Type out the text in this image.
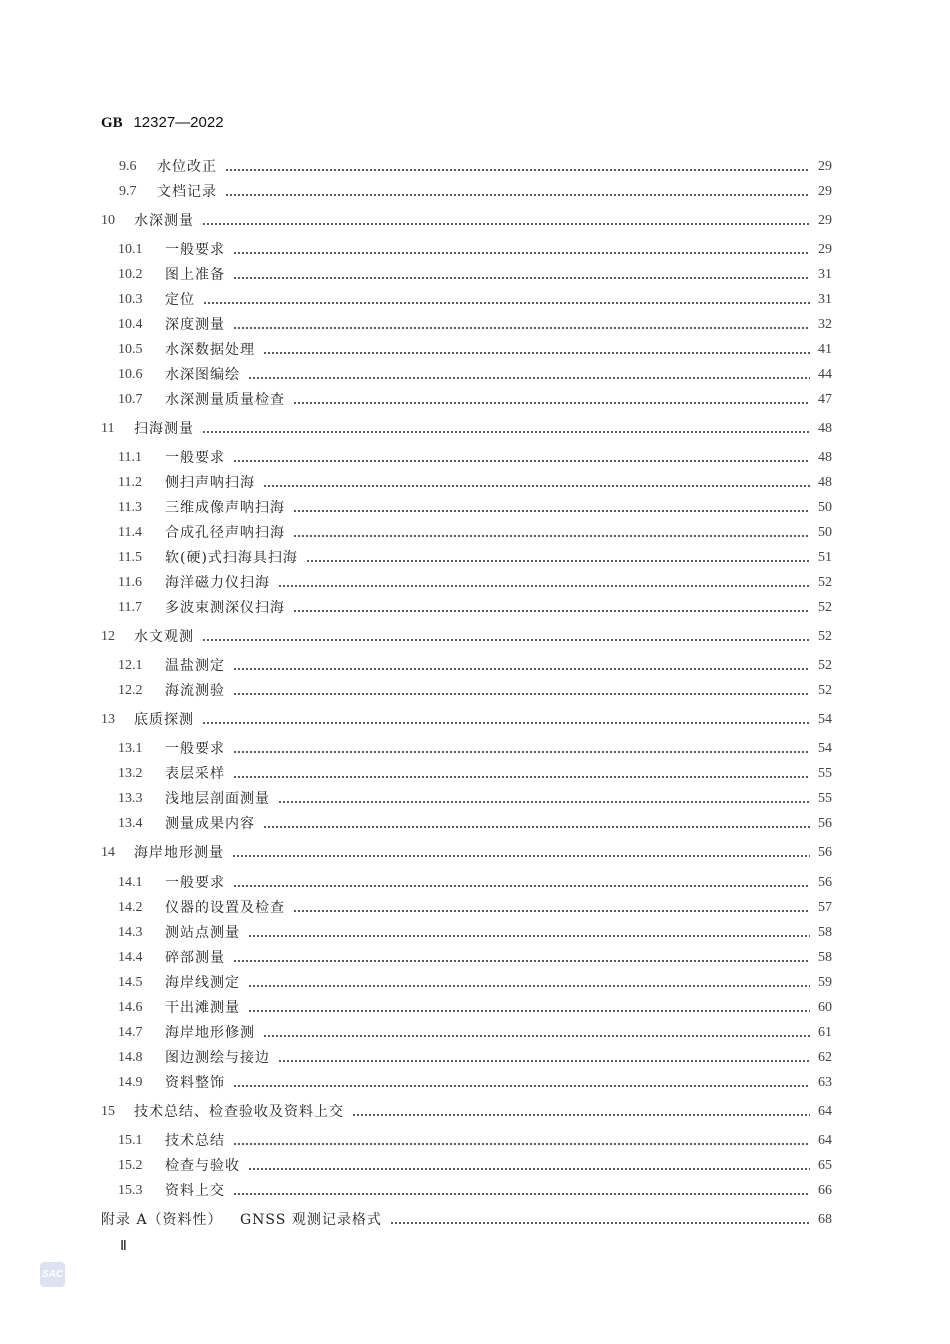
GB 12327—2022
9.6 水位改正	29
9.7 文档记录	29
10 水深测量	29
10.1 一般要求	29
10.2 图上准备	31
10.3 定位	31
10.4 深度测量	32
10.5 水深数据处理	41
10.6 水深图编绘	44
10.7 水深测量质量检查	47
11 扫海测量	48
11.1 一般要求	48
11.2 侧扫声呐扫海	48
11.3 三维成像声呐扫海	50
11.4 合成孔径声呐扫海	50
11.5 软(硬)式扫海具扫海	51
11.6 海洋磁力仪扫海	52
11.7 多波束测深仪扫海	52
12 水文观测	52
12.1 温盐测定	52
12.2 海流测验	52
13 底质探测	54
13.1 一般要求	54
13.2 表层采样	55
13.3 浅地层剖面测量	55
13.4 测量成果内容	56
14 海岸地形测量	56
14.1 一般要求	56
14.2 仪器的设置及检查	57
14.3 测站点测量	58
14.4 碎部测量	58
14.5 海岸线测定	59
14.6 干出滩测量	60
14.7 海岸地形修测	61
14.8 图边测绘与接边	62
14.9 资料整饰	63
15 技术总结、检查验收及资料上交	64
15.1 技术总结	64
15.2 检查与验收	65
15.3 资料上交	66
附录 A（资料性） GNSS 观测记录格式	68
Ⅱ
SAC
